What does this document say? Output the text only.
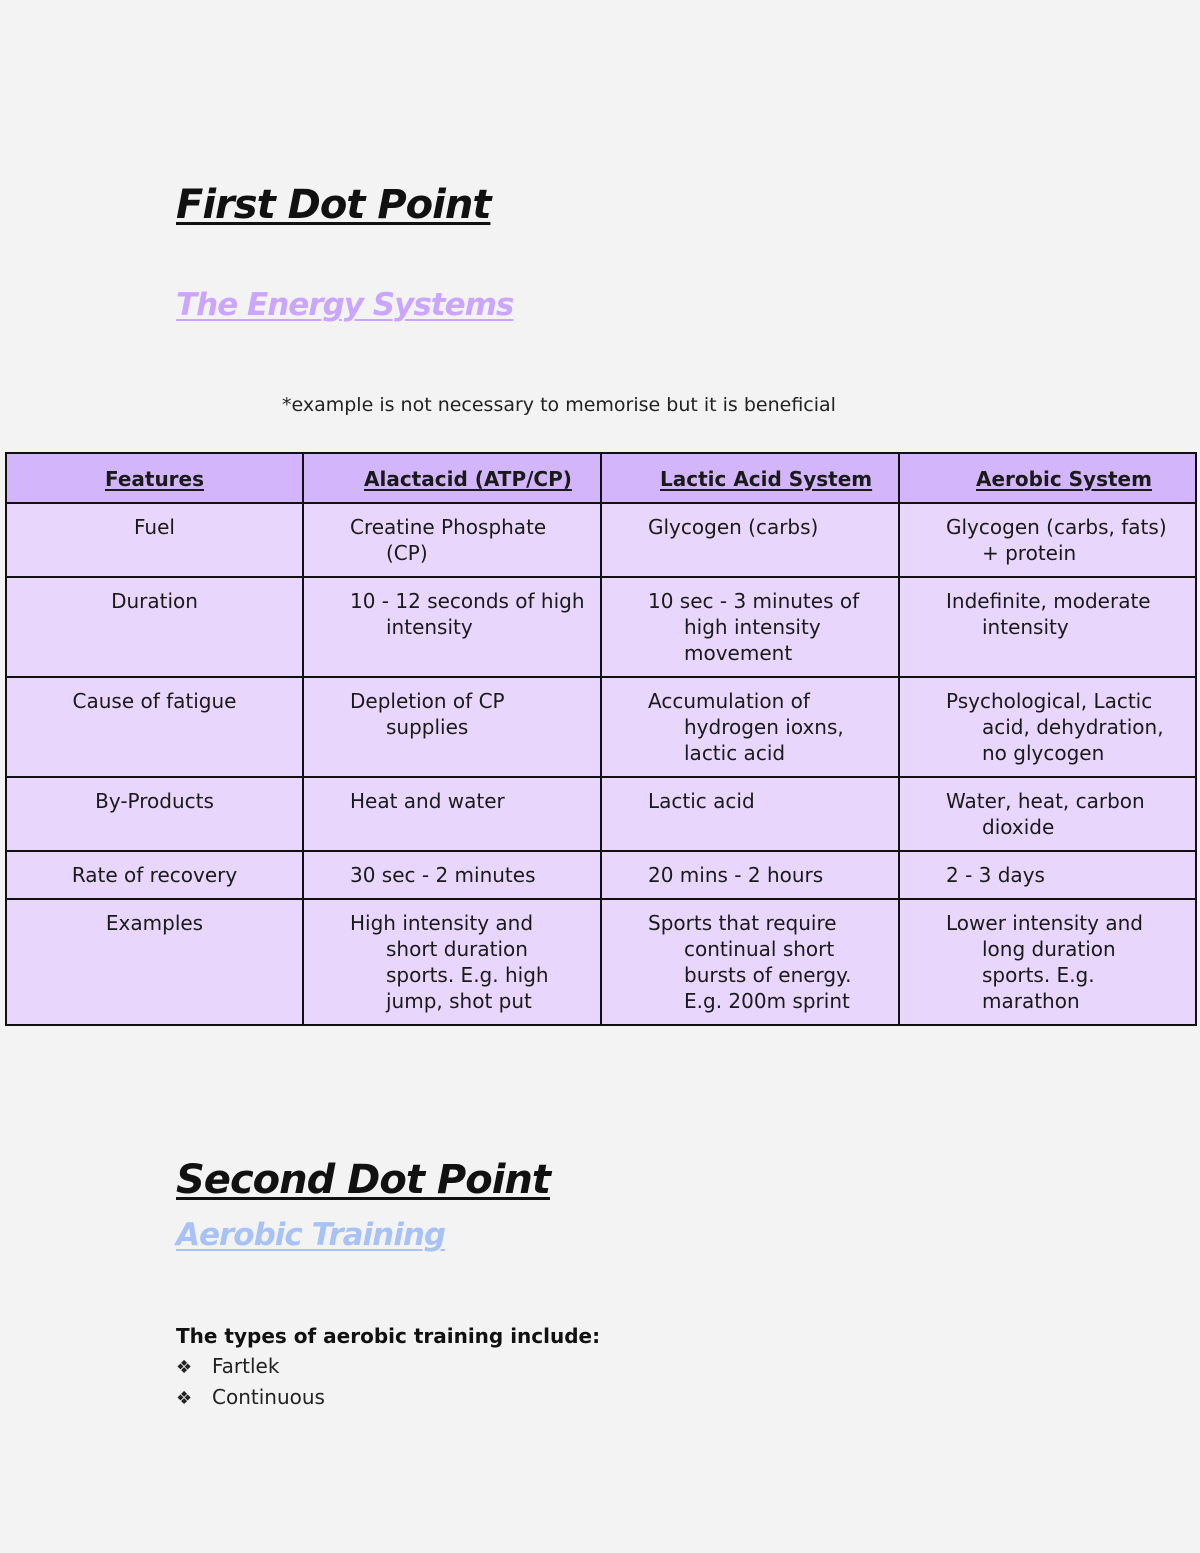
First Dot Point
The Energy Systems
*example is not necessary to memorise but it is beneficial
Features	Alactacid (ATP/CP)	Lactic Acid System	Aerobic System
Fuel	Creatine Phosphate (CP)	Glycogen (carbs)	Glycogen (carbs, fats) + protein

Duration	10 - 12 seconds of high intensity	10 sec - 3 minutes of high intensity movement	Indefinite, moderate intensity

Cause of fatigue	Depletion of CP supplies	Accumulation of hydrogen ioxns, lactic acid	Psychological, Lactic acid, dehydration, no glycogen

By-Products	Heat and water	Lactic acid	Water, heat, carbon dioxide

Rate of recovery	30 sec - 2 minutes	20 mins - 2 hours	2 - 3 days

Examples	High intensity and short duration sports. E.g. high jump, shot put	Sports that require continual short bursts of energy. E.g. 200m sprint	Lower intensity and long duration sports. E.g. marathon
Second Dot Point
Aerobic Training
The types of aerobic training include:
❖ Fartlek
❖ Continuous
